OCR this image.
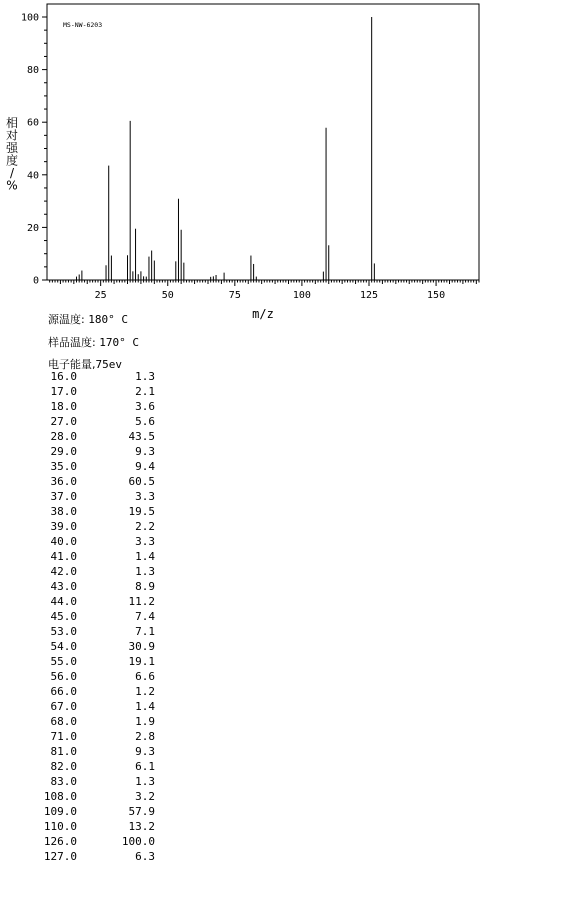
0
20
40
60
80
100
25	50	75	100	125	150
MS-NW-6203
m/z
相
对
强
度
/
%
源温度: 180° C
样品温度: 170° C
电子能量,75ev
16.0	1.3
17.0	2.1
18.0	3.6
27.0	5.6
28.0	43.5
29.0	9.3
35.0	9.4
36.0	60.5
37.0	3.3
38.0	19.5
39.0	2.2
40.0	3.3
41.0	1.4
42.0	1.3
43.0	8.9
44.0	11.2
45.0	7.4
53.0	7.1
54.0	30.9
55.0	19.1
56.0	6.6
66.0	1.2
67.0	1.4
68.0	1.9
71.0	2.8
81.0	9.3
82.0	6.1
83.0	1.3
108.0	3.2
109.0	57.9
110.0	13.2
126.0	100.0
127.0	6.3
